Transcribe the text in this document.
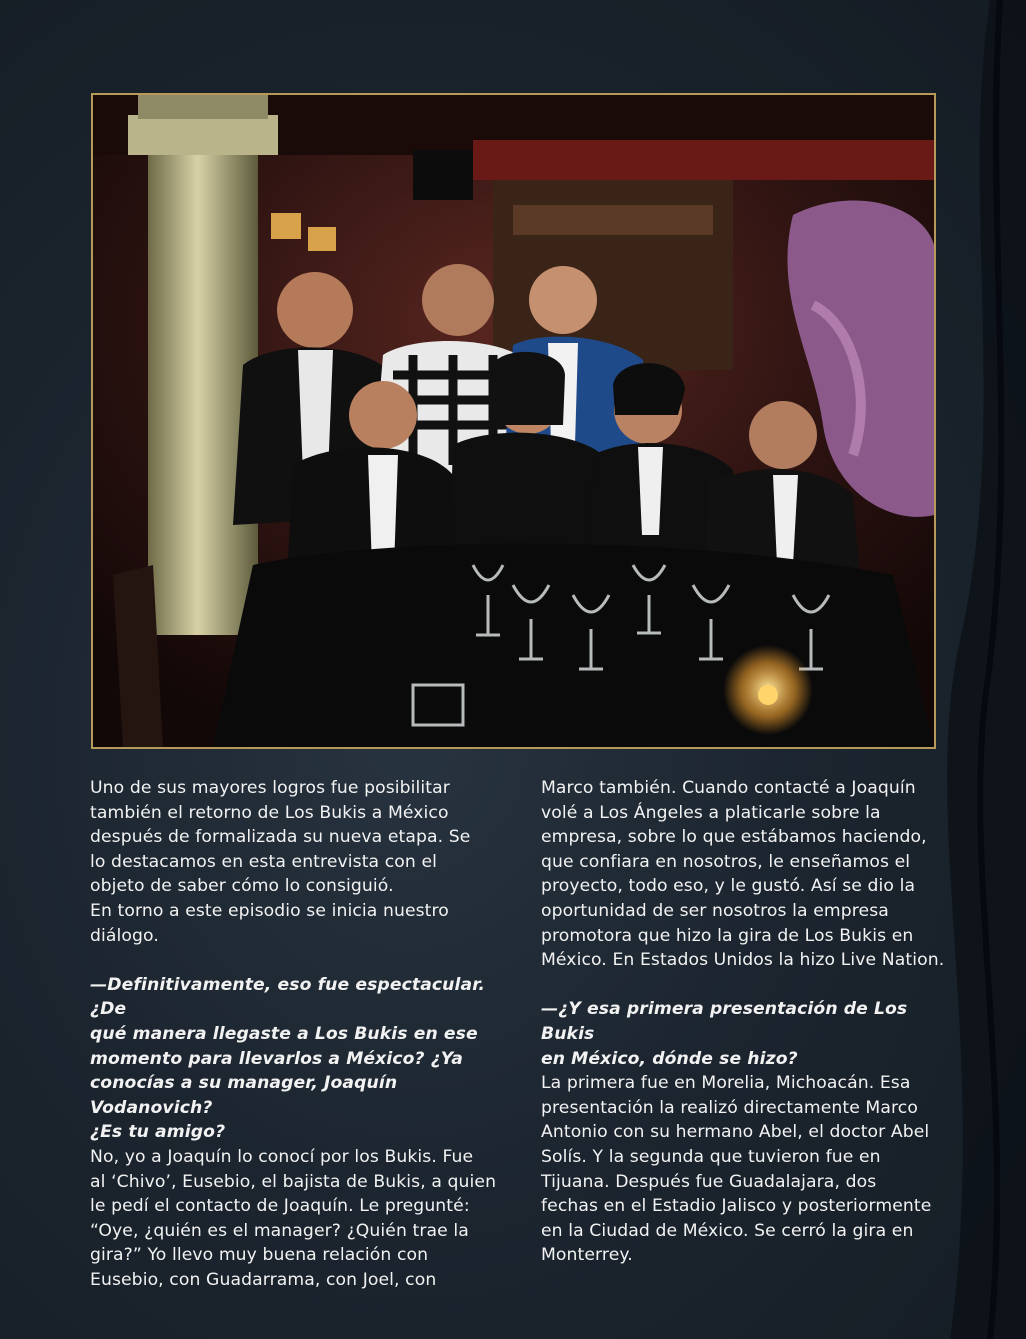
Uno de sus mayores logros fue posibilitar
también el retorno de Los Bukis a México
después de formalizada su nueva etapa. Se
lo destacamos en esta entrevista con el
objeto de saber cómo lo consiguió.
En torno a este episodio se inicia nuestro
diálogo.

—Definitivamente, eso fue espectacular. ¿De
qué manera llegaste a Los Bukis en ese
momento para llevarlos a México? ¿Ya
conocías a su manager, Joaquín Vodanovich?
¿Es tu amigo?

No, yo a Joaquín lo conocí por los Bukis. Fue
al ‘Chivo’, Eusebio, el bajista de Bukis, a quien
le pedí el contacto de Joaquín. Le pregunté:
“Oye, ¿quién es el manager? ¿Quién trae la
gira?” Yo llevo muy buena relación con
Eusebio, con Guadarrama, con Joel, con

Marco también. Cuando contacté a Joaquín
volé a Los Ángeles a platicarle sobre la
empresa, sobre lo que estábamos haciendo,
que confiara en nosotros, le enseñamos el
proyecto, todo eso, y le gustó. Así se dio la
oportunidad de ser nosotros la empresa
promotora que hizo la gira de Los Bukis en
México. En Estados Unidos la hizo Live Nation.

—¿Y esa primera presentación de Los Bukis
en México, dónde se hizo?

La primera fue en Morelia, Michoacán. Esa
presentación la realizó directamente Marco
Antonio con su hermano Abel, el doctor Abel
Solís. Y la segunda que tuvieron fue en
Tijuana. Después fue Guadalajara, dos
fechas en el Estadio Jalisco y posteriormente
en la Ciudad de México. Se cerró la gira en
Monterrey.
